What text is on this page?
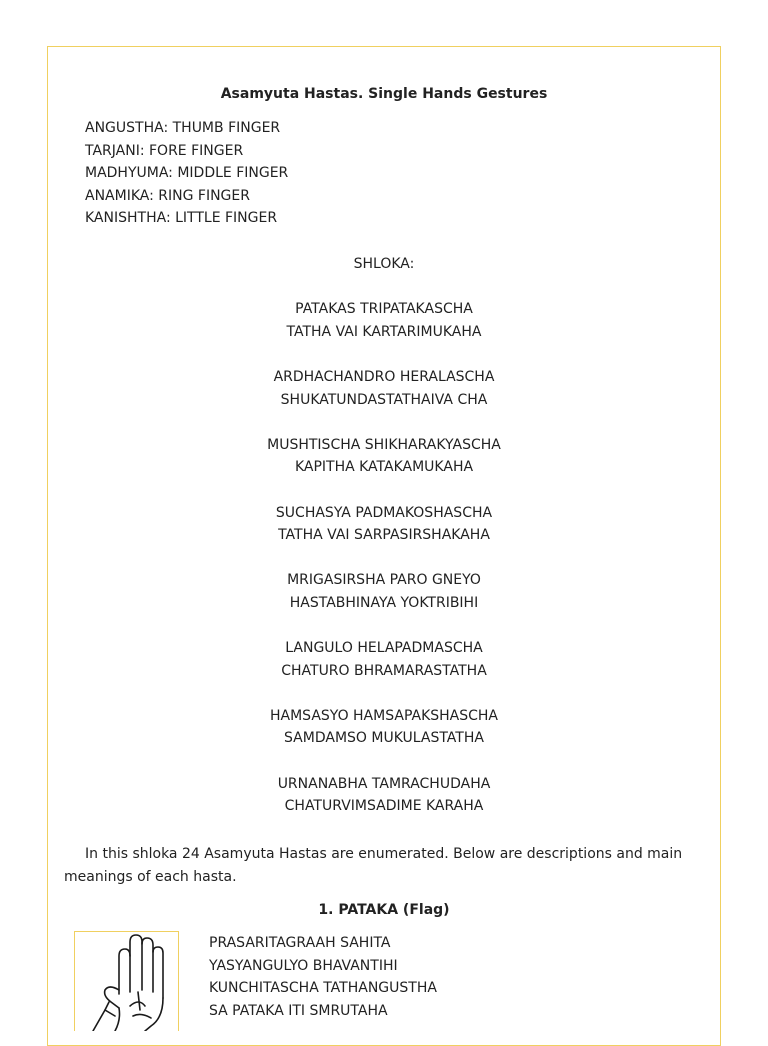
Asamyuta Hastas. Single Hands Gestures
ANGUSTHA: THUMB FINGER
TARJANI: FORE FINGER
MADHYUMA: MIDDLE FINGER
ANAMIKA: RING FINGER
KANISHTHA: LITTLE FINGER
SHLOKA:
PATAKAS TRIPATAKASCHA
TATHA VAI KARTARIMUKAHA
ARDHACHANDRO HERALASCHA
SHUKATUNDASTATHAIVA CHA
MUSHTISCHA SHIKHARAKYASCHA
KAPITHA KATAKAMUKAHA
SUCHASYA PADMAKOSHASCHA
TATHA VAI SARPASIRSHAKAHA
MRIGASIRSHA PARO GNEYO
HASTABHINAYA YOKTRIBIHI
LANGULO HELAPADMASCHA
CHATURO BHRAMARASTATHA
HAMSASYO HAMSAPAKSHASCHA
SAMDAMSO MUKULASTATHA
URNANABHA TAMRACHUDAHA
CHATURVIMSADIME KARAHA
In this shloka 24 Asamyuta Hastas are enumerated. Below are descriptions and main meanings of each hasta.
1. PATAKA (Flag)
PRASARITAGRAAH SAHITA
YASYANGULYO BHAVANTIHI
KUNCHITASCHA TATHANGUSTHA
SA PATAKA ITI SMRUTAHA
